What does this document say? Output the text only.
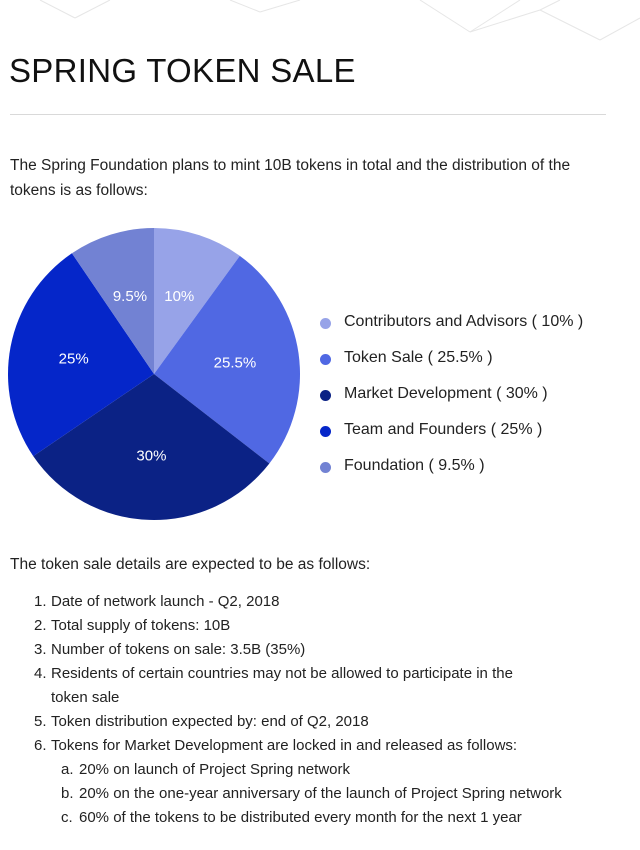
SPRING TOKEN SALE

The Spring Foundation plans to mint 10B tokens in total and the distribution of the tokens is as follows:

10%
25.5%
30%
25%
9.5%
Contributors and Advisors ( 10% )
Token Sale ( 25.5% )
Market Development ( 30% )
Team and Founders ( 25% )
Foundation ( 9.5% )

The token sale details are expected to be as follows:

1. Date of network launch - Q2, 2018
2. Total supply of tokens: 10B
3. Number of tokens on sale: 3.5B (35%)
4. Residents of certain countries may not be allowed to participate in the token sale
5. Token distribution expected by: end of Q2, 2018
6. Tokens for Market Development are locked in and released as follows:
a. 20% on launch of Project Spring network
b. 20% on the one-year anniversary of the launch of Project Spring network
c. 60% of the tokens to be distributed every month for the next 1 year
